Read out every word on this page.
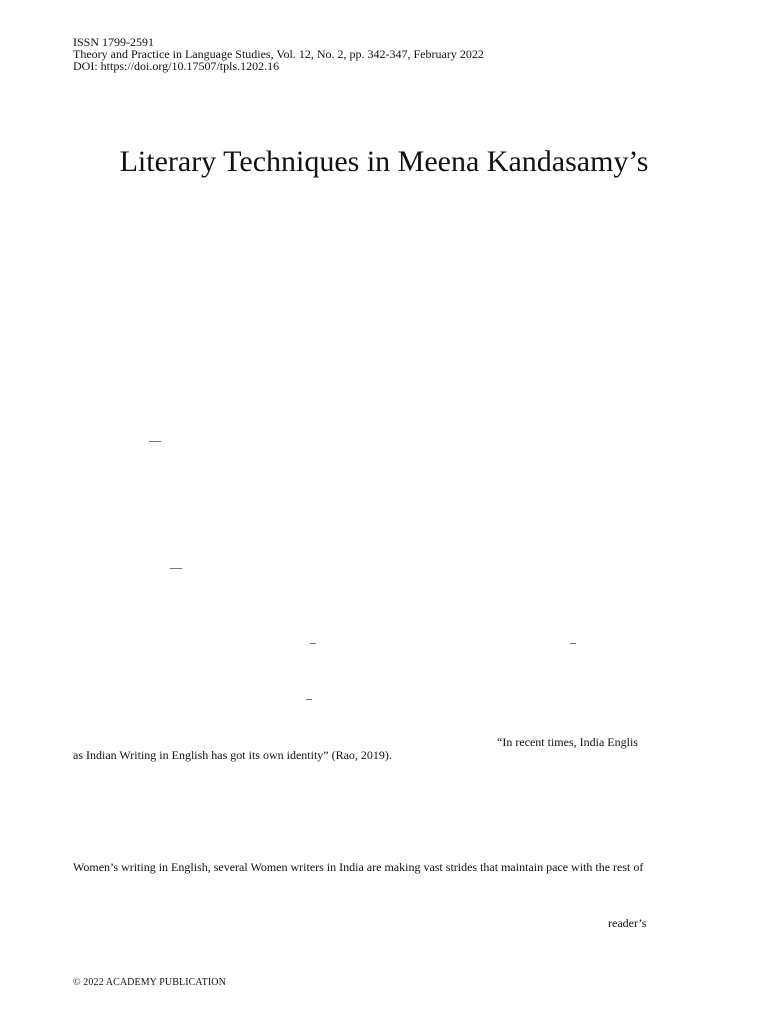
ISSN 1799-2591
Theory and Practice in Language Studies, Vol. 12, No. 2, pp. 342-347, February 2022
DOI: https://doi.org/10.17507/tpls.1202.16
Literary Techniques in Meena Kandasamy’s
—
—
–	–
–
“In recent times, India Englis
as Indian Writing in English has got its own identity” (Rao, 2019).
Women’s writing in English, several Women writers in India are making vast strides that maintain pace with the rest of
reader’s
© 2022 ACADEMY PUBLICATION
